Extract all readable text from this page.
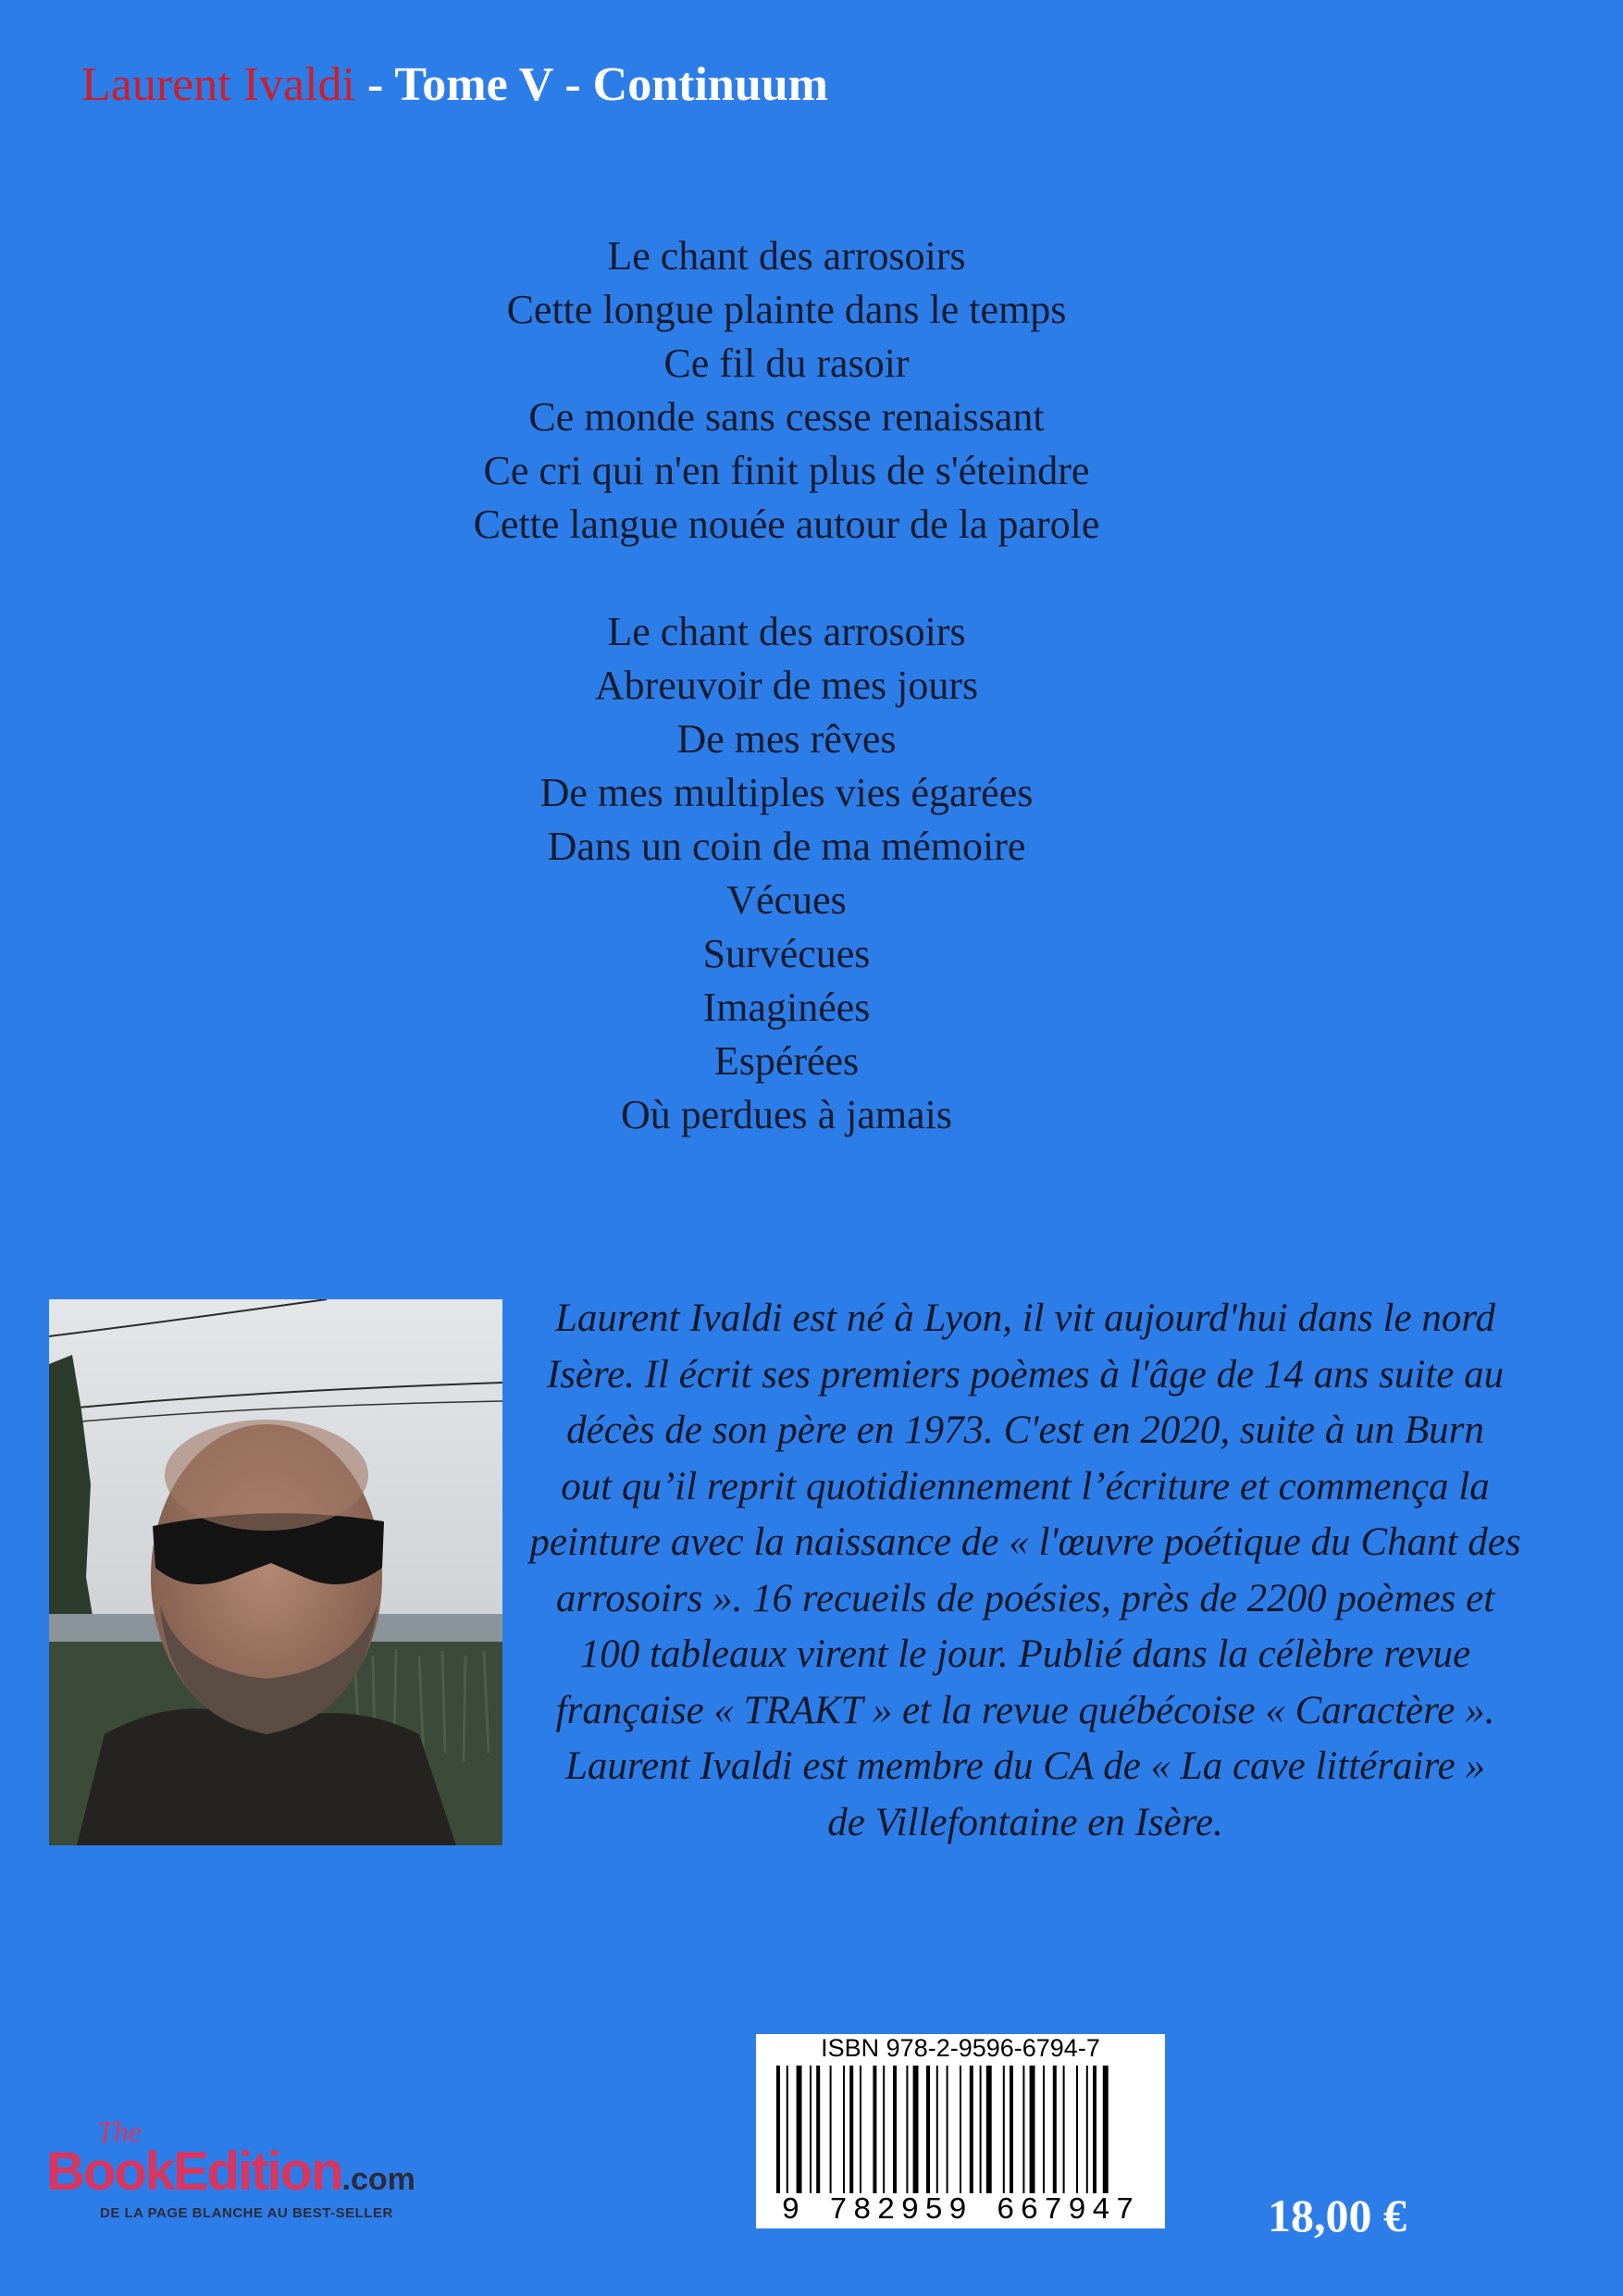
Laurent Ivaldi - Tome V - Continuum
Le chant des arrosoirs
Cette longue plainte dans le temps
Ce fil du rasoir
Ce monde sans cesse renaissant
Ce cri qui n'en finit plus de s'éteindre
Cette langue nouée autour de la parole
Le chant des arrosoirs
Abreuvoir de mes jours
De mes rêves
De mes multiples vies égarées
Dans un coin de ma mémoire
Vécues
Survécues
Imaginées
Espérées
Où perdues à jamais
Laurent Ivaldi est né à Lyon, il vit aujourd'hui dans le nord
Isère. Il écrit ses premiers poèmes à l'âge de 14 ans suite au
décès de son père en 1973. C'est en 2020, suite à un Burn
out qu’il reprit quotidiennement l’écriture et commença la
peinture avec la naissance de « l'œuvre poétique du Chant des
arrosoirs ». 16 recueils de poésies, près de 2200 poèmes et
100 tableaux virent le jour. Publié dans la célèbre revue
française « TRAKT » et la revue québécoise « Caractère ».
Laurent Ivaldi est membre du CA de « La cave littéraire »
de Villefontaine en Isère.
The
BookEdition.com
DE LA PAGE BLANCHE AU BEST-SELLER
ISBN 978-2-9596-6794-7
9 782959 667947	18,00 €
